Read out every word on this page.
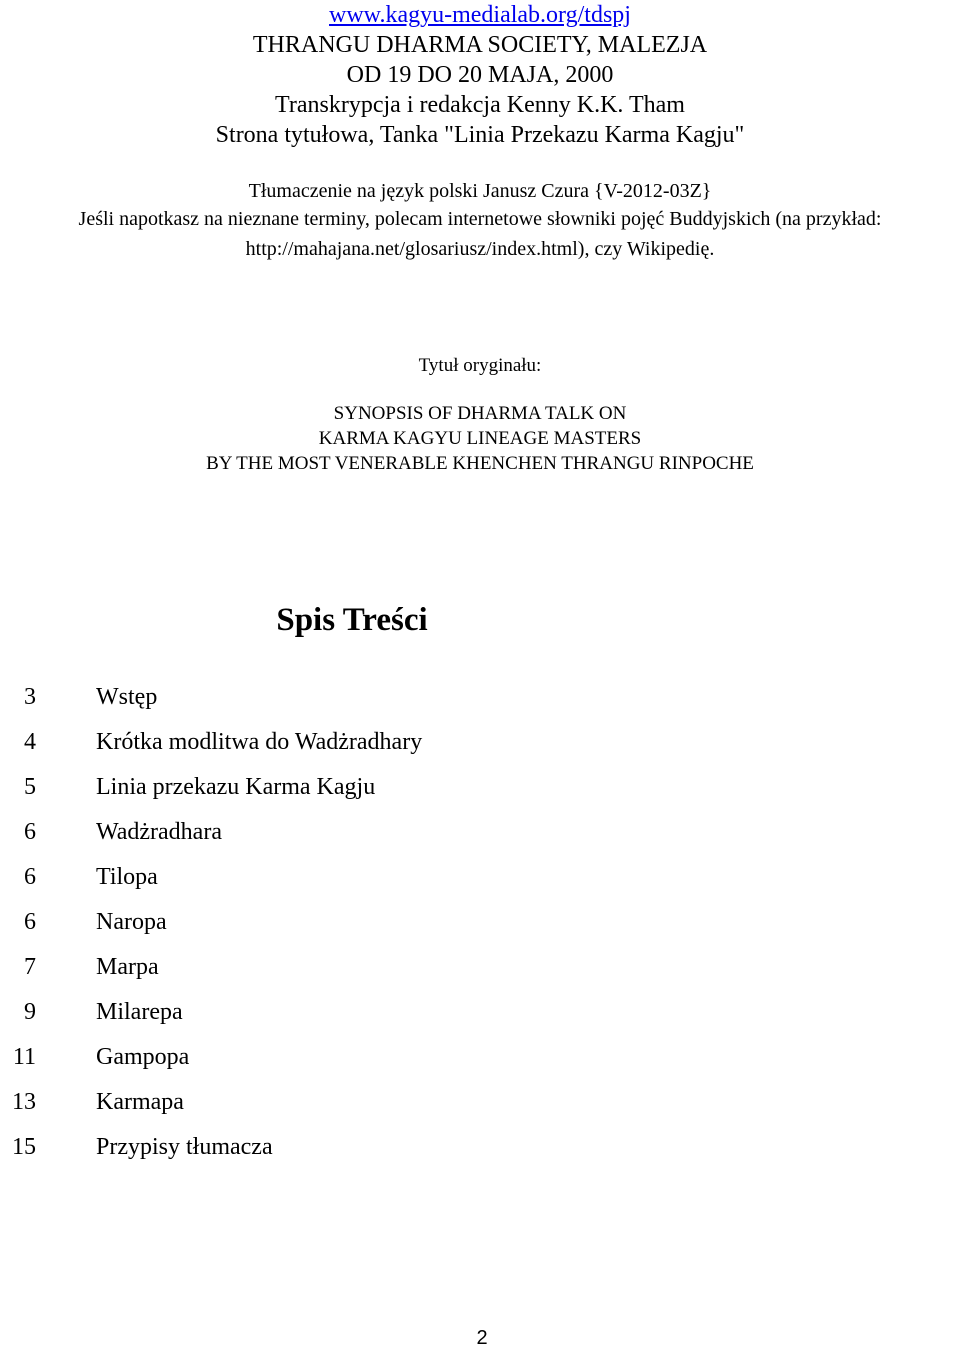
www.kagyu-medialab.org/tdspj
THRANGU DHARMA SOCIETY, MALEZJA
OD 19 DO 20 MAJA, 2000
Transkrypcja i redakcja Kenny K.K. Tham
Strona tytułowa, Tanka "Linia Przekazu Karma Kagju"
Tłumaczenie na język polski Janusz Czura {V-2012-03Z}
Jeśli napotkasz na nieznane terminy, polecam internetowe słowniki pojęć Buddyjskich (na przykład:
http://mahajana.net/glosariusz/index.html), czy Wikipedię.
Tytuł oryginału:
SYNOPSIS OF DHARMA TALK ON
KARMA KAGYU LINEAGE MASTERS
BY THE MOST VENERABLE KHENCHEN THRANGU RINPOCHE
Spis Treści
3	Wstęp
4	Krótka modlitwa do Wadżradhary
5	Linia przekazu Karma Kagju
6	Wadżradhara
6	Tilopa
6	Naropa
7	Marpa
9	Milarepa
11	Gampopa
13	Karmapa
15	Przypisy tłumacza
2
